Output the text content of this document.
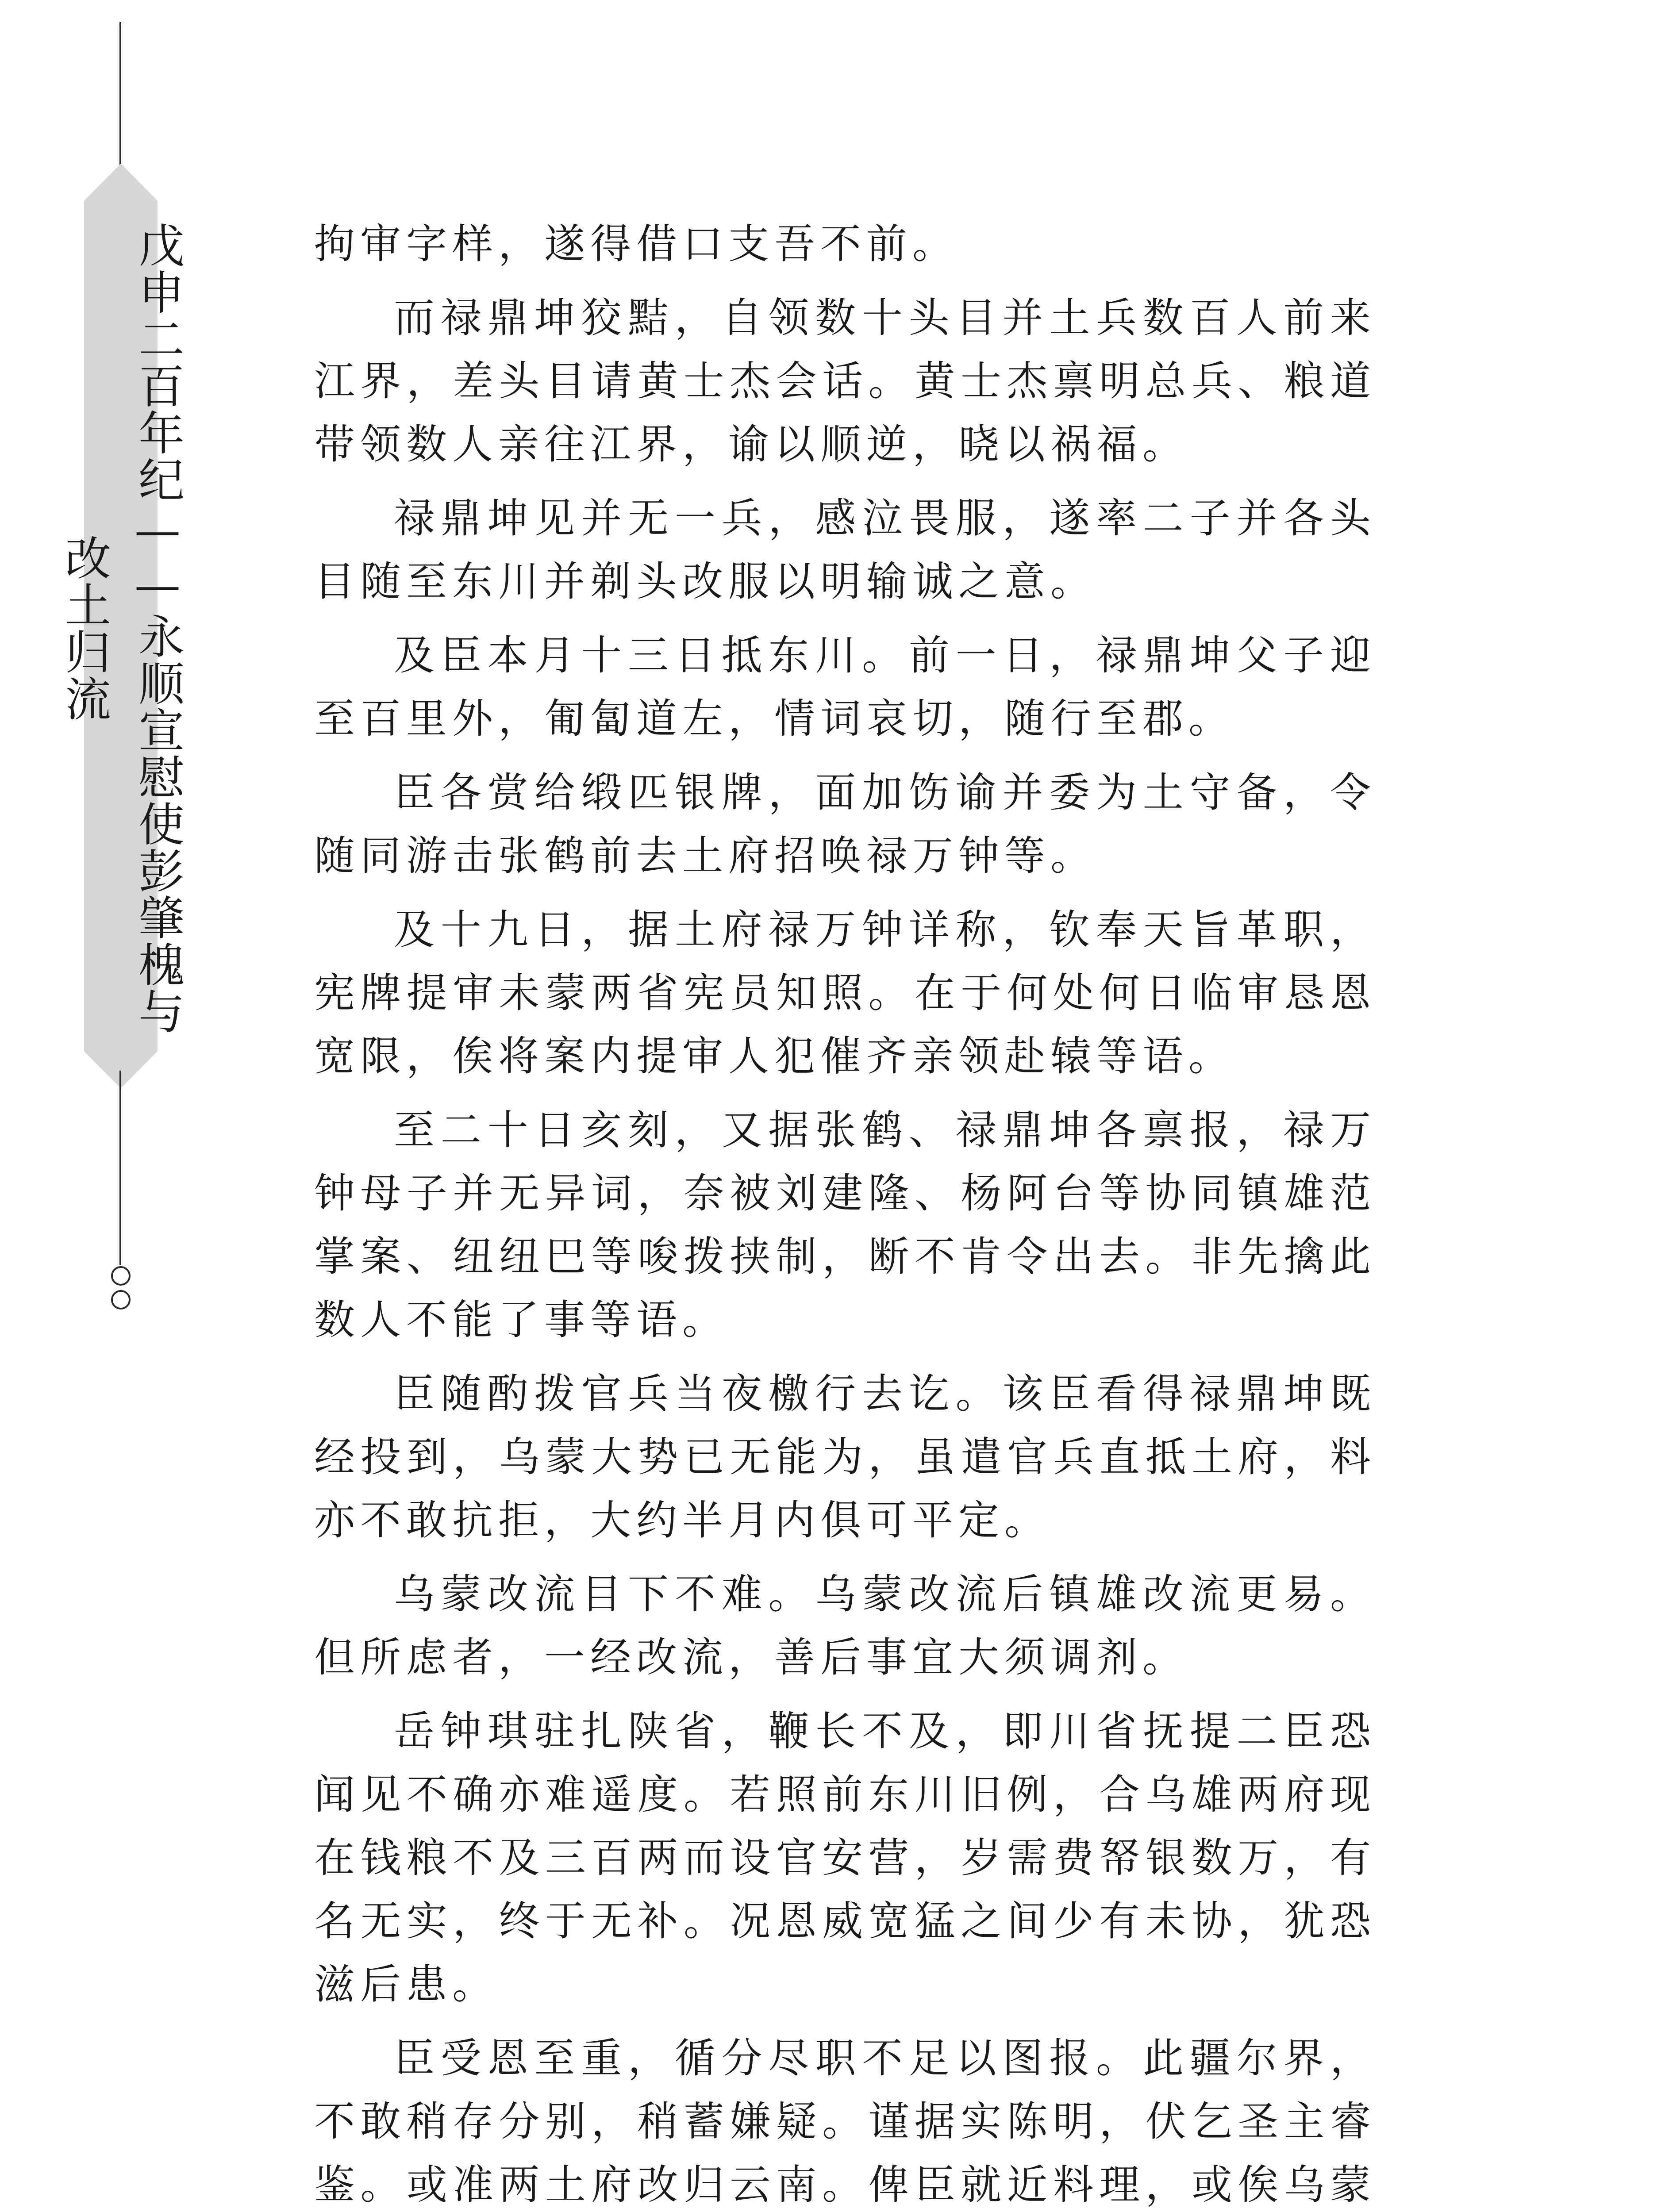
戊申二百年纪——永顺宣慰使彭肇槐与改土归流

拘审字样，遂得借口支吾不前。

而禄鼎坤狡黠，自领数十头目并土兵数百人前来江界，差头目请黄士杰会话。黄士杰禀明总兵、粮道带领数人亲往江界，谕以顺逆，晓以祸福。

禄鼎坤见并无一兵，感泣畏服，遂率二子并各头目随至东川并剃头改服以明输诚之意。

及臣本月十三日抵东川。前一日，禄鼎坤父子迎至百里外，匍匐道左，情词哀切，随行至郡。

臣各赏给缎匹银牌，面加饬谕并委为土守备，令随同游击张鹤前去土府招唤禄万钟等。

及十九日，据土府禄万钟详称，钦奉天旨革职，宪牌提审未蒙两省宪员知照。在于何处何日临审恳恩宽限，俟将案内提审人犯催齐亲领赴辕等语。

至二十日亥刻，又据张鹤、禄鼎坤各禀报，禄万钟母子并无异词，奈被刘建隆、杨阿台等协同镇雄范掌案、纽纽巴等唆拨挟制，断不肯令出去。非先擒此数人不能了事等语。

臣随酌拨官兵当夜檄行去讫。该臣看得禄鼎坤既经投到，乌蒙大势已无能为，虽遣官兵直抵土府，料亦不敢抗拒，大约半月内俱可平定。

乌蒙改流目下不难。乌蒙改流后镇雄改流更易。但所虑者，一经改流，善后事宜大须调剂。

岳钟琪驻扎陕省，鞭长不及，即川省抚提二臣恐闻见不确亦难遥度。若照前东川旧例，合乌雄两府现在钱粮不及三百两而设官安营，岁需费帑银数万，有名无实，终于无补。况恩威宽猛之间少有未协，犹恐滋后患。

臣受恩至重，循分尽职不足以图报。此疆尔界，不敢稍存分别，稍蓄嫌疑。谨据实陈明，伏乞圣主睿鉴。或准两土府改归云南。俾臣就近料理，或俟乌蒙
